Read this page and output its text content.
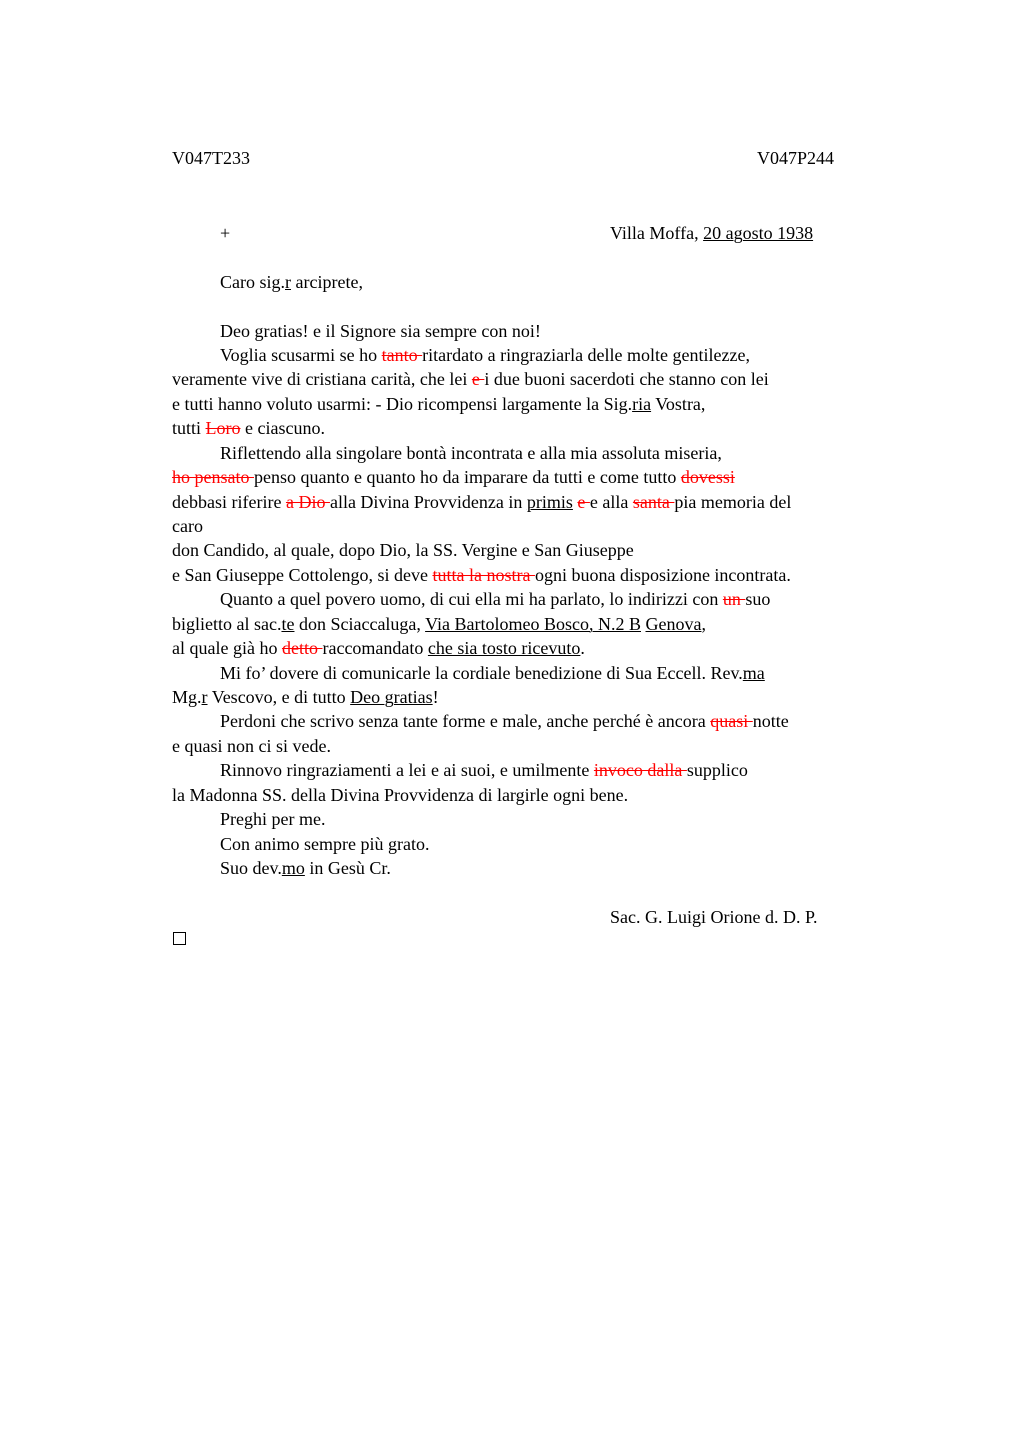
V047T233	V047P244
+	Villa Moffa, 20 agosto 1938
Caro sig.r arciprete,
Deo gratias! e il Signore sia sempre con noi!
Voglia scusarmi se ho tanto ritardato a ringraziarla delle molte gentilezze,
veramente vive di cristiana carità, che lei e i due buoni sacerdoti che stanno con lei
e tutti hanno voluto usarmi: - Dio ricompensi largamente la Sig.ria Vostra,
tutti Loro e ciascuno.
Riflettendo alla singolare bontà incontrata e alla mia assoluta miseria,
ho pensato penso quanto e quanto ho da imparare da tutti e come tutto dovessi
debbasi riferire a Dio alla Divina Provvidenza in primis e e alla santa pia memoria del
caro
don Candido, al quale, dopo Dio, la SS. Vergine e San Giuseppe
e San Giuseppe Cottolengo, si deve tutta la nostra ogni buona disposizione incontrata.
Quanto a quel povero uomo, di cui ella mi ha parlato, lo indirizzi con un suo
biglietto al sac.te don Sciaccaluga, Via Bartolomeo Bosco, N.2 B Genova,
al quale già ho detto raccomandato che sia tosto ricevuto.
Mi fo’ dovere di comunicarle la cordiale benedizione di Sua Eccell. Rev.ma
Mg.r Vescovo, e di tutto Deo gratias!
Perdoni che scrivo senza tante forme e male, anche perché è ancora quasi notte
e quasi non ci si vede.
Rinnovo ringraziamenti a lei e ai suoi, e umilmente invoco dalla supplico
la Madonna SS. della Divina Provvidenza di largirle ogni bene.
Preghi per me.
Con animo sempre più grato.
Suo dev.mo in Gesù Cr.
Sac. G. Luigi Orione d. D. P.
